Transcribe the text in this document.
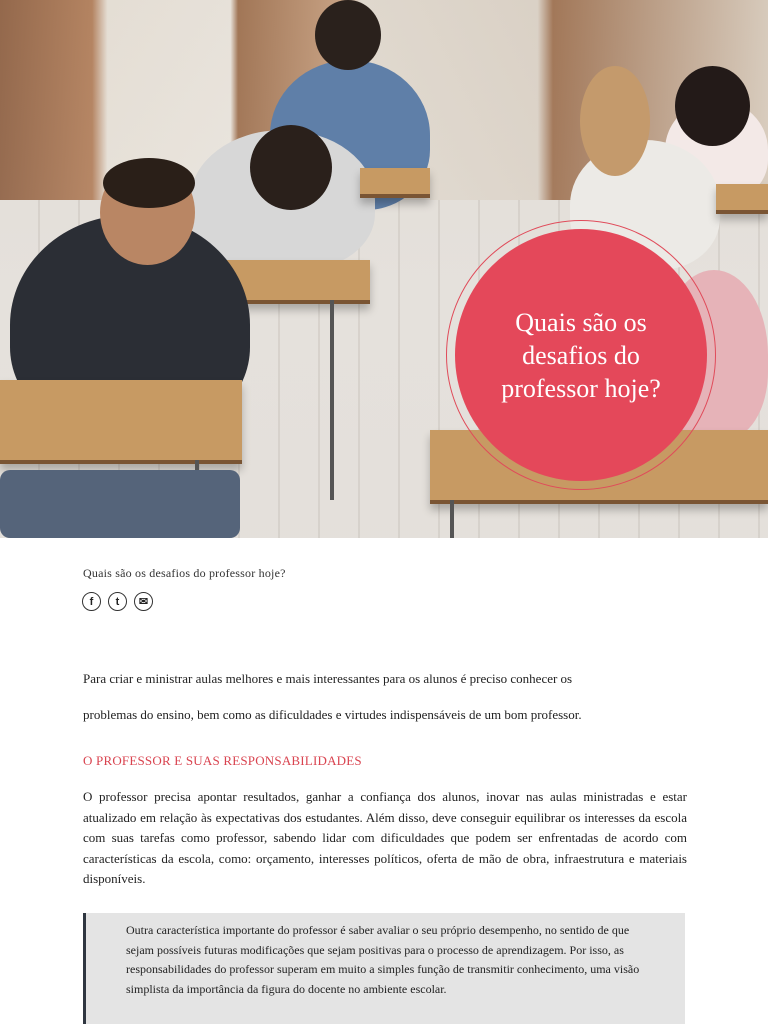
Quais são os
desafios do
professor hoje?
Quais são os desafios do professor hoje?
f	t	✉

Para criar e ministrar aulas melhores e mais interessantes para os alunos é preciso conhecer os

problemas do ensino, bem como as dificuldades e virtudes indispensáveis de um bom professor.

O PROFESSOR E SUAS RESPONSABILIDADES

O professor precisa apontar resultados, ganhar a confiança dos alunos, inovar nas aulas ministradas e estar atualizado em relação às expectativas dos estudantes. Além disso, deve conseguir equilibrar os interesses da escola com suas tarefas como professor, sabendo lidar com dificuldades que podem ser enfrentadas de acordo com características da escola, como: orçamento, interesses políticos, oferta de mão de obra, infraestrutura e materiais disponíveis.

Outra característica importante do professor é saber avaliar o seu próprio desempenho, no sentido de que sejam possíveis futuras modificações que sejam positivas para o processo de aprendizagem. Por isso, as responsabilidades do professor superam em muito a simples função de transmitir conhecimento, uma visão simplista da importância da figura do docente no ambiente escolar.
